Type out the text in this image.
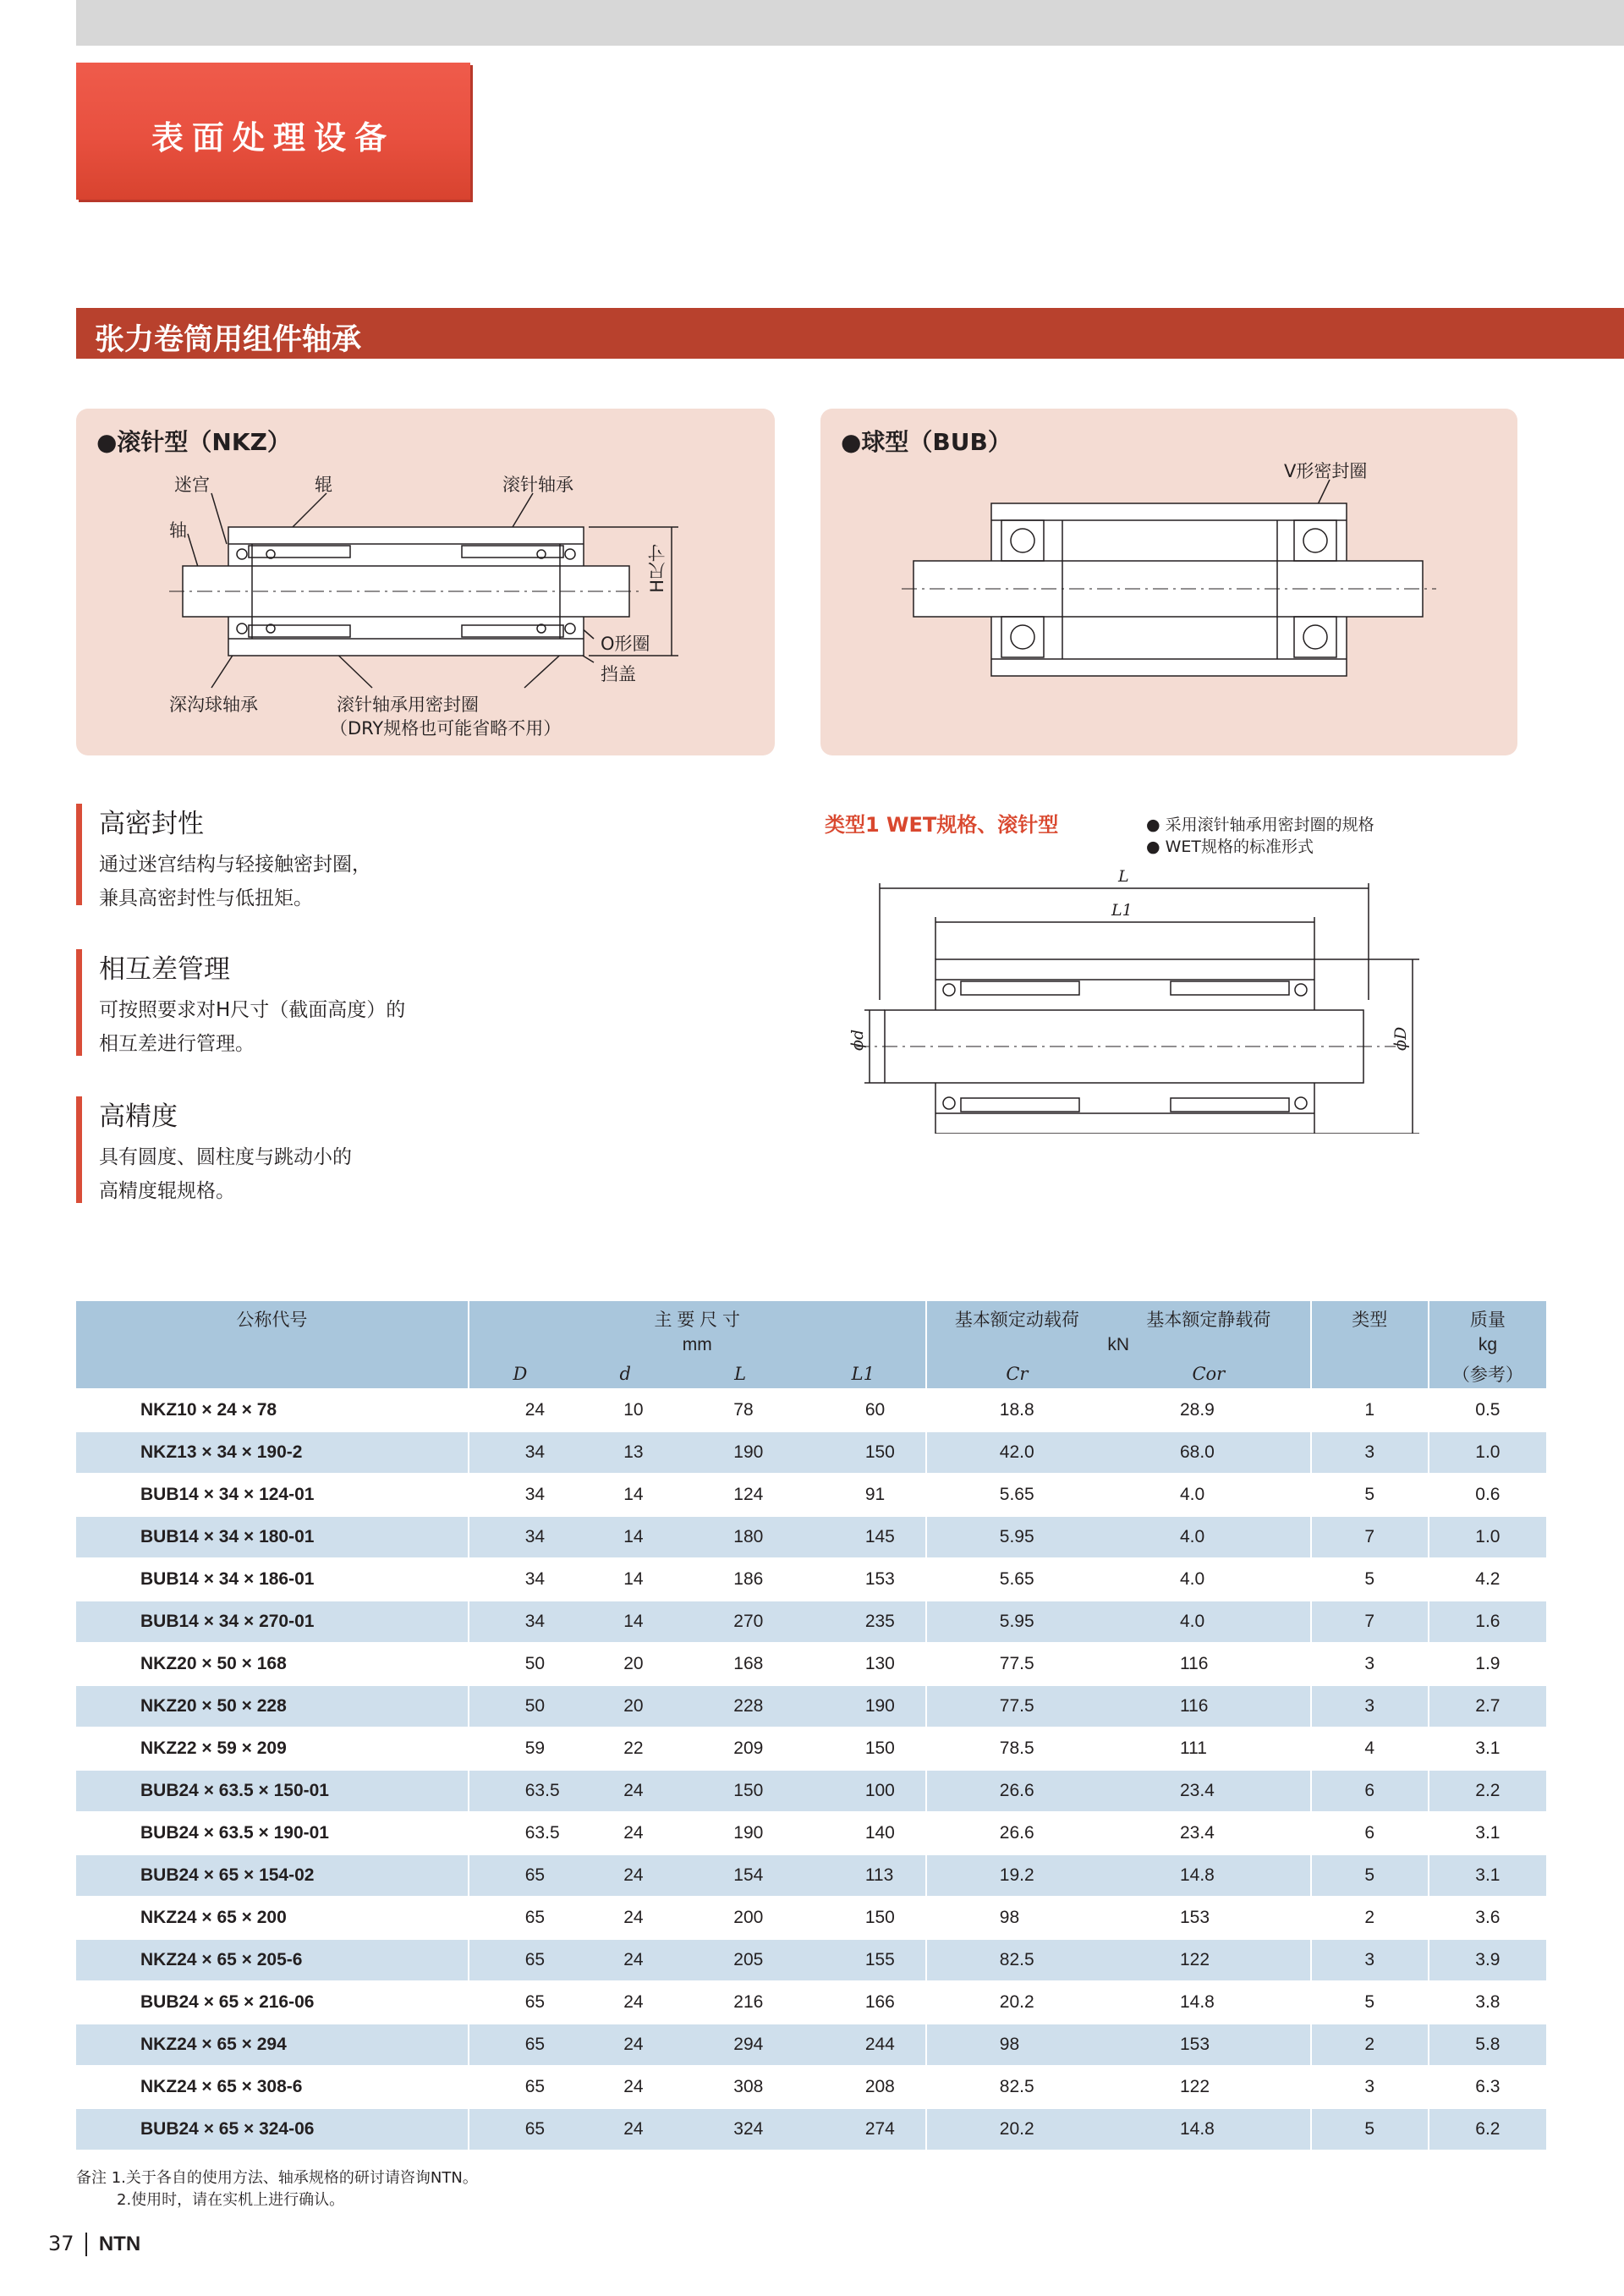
表面处理设备
张力卷筒用组件轴承
●滚针型（NKZ）
迷宫	辊	滚针轴承
轴
H尺寸
O形圈
挡盖
深沟球轴承	滚针轴承用密封圈
（DRY规格也可能省略不用）
●球型（BUB）
V形密封圈
高密封性
通过迷宫结构与轻接触密封圈，
兼具高密封性与低扭矩。
相互差管理
可按照要求对H尺寸（截面高度）的
相互差进行管理。
高精度
具有圆度、圆柱度与跳动小的
高精度辊规格。
类型1 WET规格、滚针型	● 采用滚针轴承用密封圈的规格
● WET规格的标准形式
L
L1
ϕd	ϕD
公称代号	主 要 尺 寸				基本额定动载荷	基本额定静载荷	类型	质量
	mm				kN			kg
	D	d	L	L1	Cr	Cor		（参考）
NKZ10 × 24 × 78	24	10	78	60	18.8	28.9	1	0.5
NKZ13 × 34 × 190-2	34	13	190	150	42.0	68.0	3	1.0
BUB14 × 34 × 124-01	34	14	124	91	5.65	4.0	5	0.6
BUB14 × 34 × 180-01	34	14	180	145	5.95	4.0	7	1.0
BUB14 × 34 × 186-01	34	14	186	153	5.65	4.0	5	4.2
BUB14 × 34 × 270-01	34	14	270	235	5.95	4.0	7	1.6
NKZ20 × 50 × 168	50	20	168	130	77.5	116	3	1.9
NKZ20 × 50 × 228	50	20	228	190	77.5	116	3	2.7
NKZ22 × 59 × 209	59	22	209	150	78.5	111	4	3.1
BUB24 × 63.5 × 150-01	63.5	24	150	100	26.6	23.4	6	2.2
BUB24 × 63.5 × 190-01	63.5	24	190	140	26.6	23.4	6	3.1
BUB24 × 65 × 154-02	65	24	154	113	19.2	14.8	5	3.1
NKZ24 × 65 × 200	65	24	200	150	98	153	2	3.6
NKZ24 × 65 × 205-6	65	24	205	155	82.5	122	3	3.9
BUB24 × 65 × 216-06	65	24	216	166	20.2	14.8	5	3.8
NKZ24 × 65 × 294	65	24	294	244	98	153	2	5.8
NKZ24 × 65 × 308-6	65	24	308	208	82.5	122	3	6.3
BUB24 × 65 × 324-06	65	24	324	274	20.2	14.8	5	6.2
备注 1.关于各自的使用方法、轴承规格的研讨请咨询NTN。
2.使用时，请在实机上进行确认。
37 NTN
